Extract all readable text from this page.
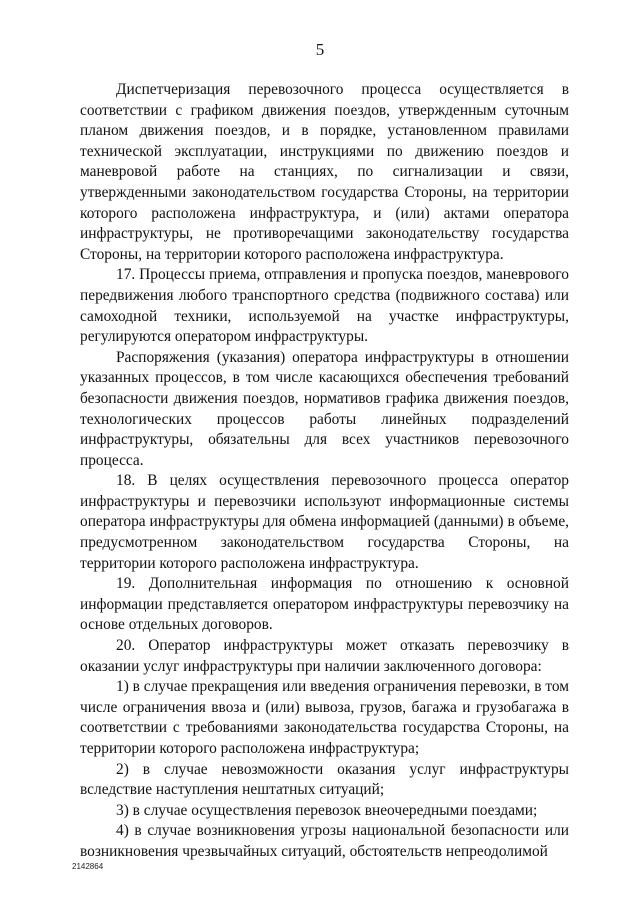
5

Диспетчеризация перевозочного процесса осуществляется в соответствии с графиком движения поездов, утвержденным суточным планом движения поездов, и в порядке, установленном правилами технической эксплуатации, инструкциями по движению поездов и маневровой работе на станциях, по сигнализации и связи, утвержденными законодательством государства Стороны, на территории которого расположена инфраструктура, и (или) актами оператора инфраструктуры, не противоречащими законодательству государства Стороны, на территории которого расположена инфраструктура.

17. Процессы приема, отправления и пропуска поездов, маневрового передвижения любого транспортного средства (подвижного состава) или самоходной техники, используемой на участке инфраструктуры, регулируются оператором инфраструктуры.

Распоряжения (указания) оператора инфраструктуры в отношении указанных процессов, в том числе касающихся обеспечения требований безопасности движения поездов, нормативов графика движения поездов, технологических процессов работы линейных подразделений инфраструктуры, обязательны для всех участников перевозочного процесса.

18. В целях осуществления перевозочного процесса оператор инфраструктуры и перевозчики используют информационные системы оператора инфраструктуры для обмена информацией (данными) в объеме, предусмотренном законодательством государства Стороны, на территории которого расположена инфраструктура.

19. Дополнительная информация по отношению к основной информации представляется оператором инфраструктуры перевозчику на основе отдельных договоров.

20. Оператор инфраструктуры может отказать перевозчику в оказании услуг инфраструктуры при наличии заключенного договора:

1) в случае прекращения или введения ограничения перевозки, в том числе ограничения ввоза и (или) вывоза, грузов, багажа и грузобагажа в соответствии с требованиями законодательства государства Стороны, на территории которого расположена инфраструктура;

2) в случае невозможности оказания услуг инфраструктуры вследствие наступления нештатных ситуаций;

3) в случае осуществления перевозок внеочередными поездами;

4) в случае возникновения угрозы национальной безопасности или возникновения чрезвычайных ситуаций, обстоятельств непреодолимой

2142864
